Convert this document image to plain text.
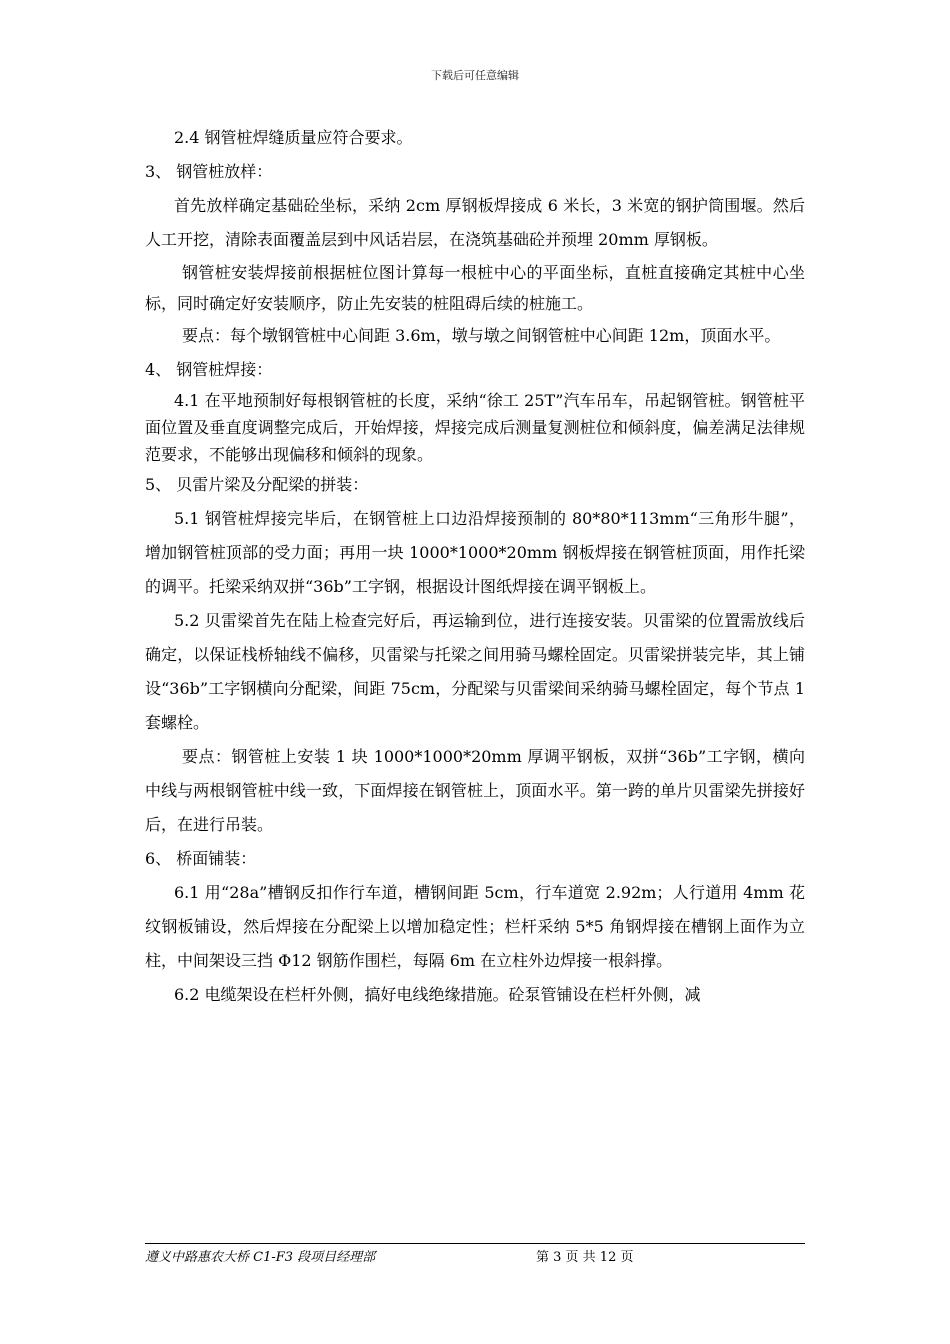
下载后可任意编辑

2.4 钢管桩焊缝质量应符合要求。

3、 钢管桩放样：

首先放样确定基础砼坐标，采纳 2cm 厚钢板焊接成 6 米长，3 米宽的钢护筒围堰。然后人工开挖，清除表面覆盖层到中风话岩层，在浇筑基础砼并预埋 20mm 厚钢板。

钢管桩安装焊接前根据桩位图计算每一根桩中心的平面坐标，直桩直接确定其桩中心坐标，同时确定好安装顺序，防止先安装的桩阻碍后续的桩施工。

要点：每个墩钢管桩中心间距 3.6m，墩与墩之间钢管桩中心间距 12m，顶面水平。

4、 钢管桩焊接：

4.1 在平地预制好每根钢管桩的长度，采纳“徐工 25T”汽车吊车，吊起钢管桩。钢管桩平面位置及垂直度调整完成后，开始焊接，焊接完成后测量复测桩位和倾斜度，偏差满足法律规范要求，不能够出现偏移和倾斜的现象。

5、 贝雷片梁及分配梁的拼装：

5.1 钢管桩焊接完毕后，在钢管桩上口边沿焊接预制的 80*80*113mm“三角形牛腿”，增加钢管桩顶部的受力面；再用一块 1000*1000*20mm 钢板焊接在钢管桩顶面，用作托梁的调平。托梁采纳双拼“36b”工字钢，根据设计图纸焊接在调平钢板上。

5.2 贝雷梁首先在陆上检查完好后，再运输到位，进行连接安装。贝雷梁的位置需放线后确定，以保证栈桥轴线不偏移，贝雷梁与托梁之间用骑马螺栓固定。贝雷梁拼装完毕，其上铺设“36b”工字钢横向分配梁，间距 75cm，分配梁与贝雷梁间采纳骑马螺栓固定，每个节点 1 套螺栓。

要点：钢管桩上安装 1 块 1000*1000*20mm 厚调平钢板，双拼“36b”工字钢，横向中线与两根钢管桩中线一致，下面焊接在钢管桩上，顶面水平。第一跨的单片贝雷梁先拼接好后，在进行吊装。

6、 桥面铺装：

6.1 用“28a”槽钢反扣作行车道，槽钢间距 5cm，行车道宽 2.92m；人行道用 4mm 花纹钢板铺设，然后焊接在分配梁上以增加稳定性；栏杆采纳 5*5 角钢焊接在槽钢上面作为立柱，中间架设三挡 Φ12 钢筋作围栏，每隔 6m 在立柱外边焊接一根斜撑。

6.2 电缆架设在栏杆外侧，搞好电线绝缘措施。砼泵管铺设在栏杆外侧，减

遵义中路惠农大桥 C1-F3 段项目经理部	第 3 页 共 12 页
